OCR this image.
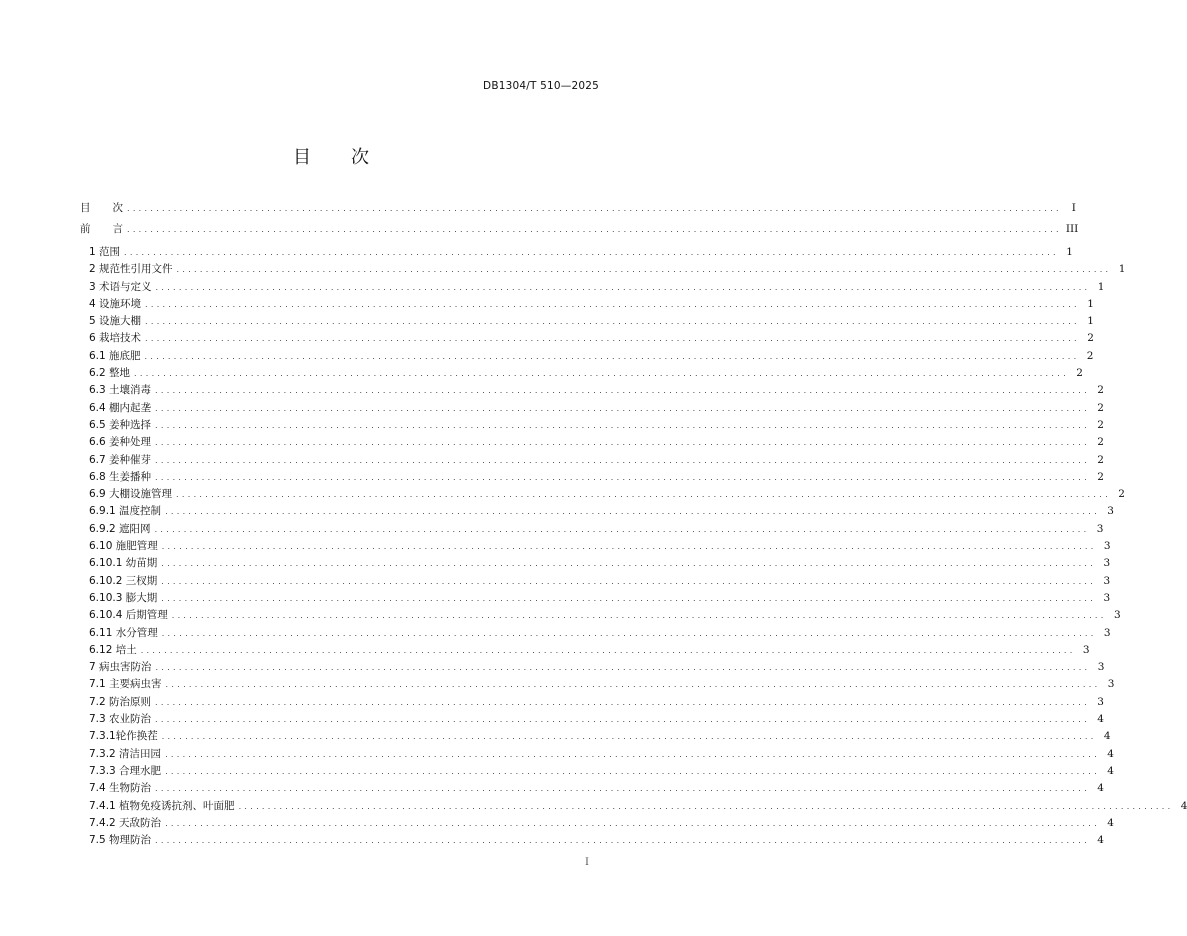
DB1304/T 510—2025
目 次
目 次 ................................................................................................................................................................ I
前 言 ................................................................................................................................................................ III
1 范围 ................................................................................................................................................................ 1
2 规范性引用文件 ................................................................................................................................................................ 1
3 术语与定义 ................................................................................................................................................................ 1
4 设施环境 ................................................................................................................................................................ 1
5 设施大棚 ................................................................................................................................................................ 1
6 栽培技术 ................................................................................................................................................................ 2
6.1 施底肥 ................................................................................................................................................................ 2
6.2 整地 ................................................................................................................................................................ 2
6.3 土壤消毒 ................................................................................................................................................................ 2
6.4 棚内起垄 ................................................................................................................................................................ 2
6.5 姜种选择 ................................................................................................................................................................ 2
6.6 姜种处理 ................................................................................................................................................................ 2
6.7 姜种催芽 ................................................................................................................................................................ 2
6.8 生姜播种 ................................................................................................................................................................ 2
6.9 大棚设施管理 ................................................................................................................................................................ 2
6.9.1 温度控制 ................................................................................................................................................................ 3
6.9.2 遮阳网 ................................................................................................................................................................ 3
6.10 施肥管理 ................................................................................................................................................................ 3
6.10.1 幼苗期 ................................................................................................................................................................ 3
6.10.2 三杈期 ................................................................................................................................................................ 3
6.10.3 膨大期 ................................................................................................................................................................ 3
6.10.4 后期管理 ................................................................................................................................................................ 3
6.11 水分管理 ................................................................................................................................................................ 3
6.12 培土 ................................................................................................................................................................ 3
7 病虫害防治 ................................................................................................................................................................ 3
7.1 主要病虫害 ................................................................................................................................................................ 3
7.2 防治原则 ................................................................................................................................................................ 3
7.3 农业防治 ................................................................................................................................................................ 4
7.3.1轮作换茬 ................................................................................................................................................................ 4
7.3.2 清洁田园 ................................................................................................................................................................ 4
7.3.3 合理水肥 ................................................................................................................................................................ 4
7.4 生物防治 ................................................................................................................................................................ 4
7.4.1 植物免疫诱抗剂、叶面肥 ................................................................................................................................................................ 4
7.4.2 天敌防治 ................................................................................................................................................................ 4
7.5 物理防治 ................................................................................................................................................................ 4
I
